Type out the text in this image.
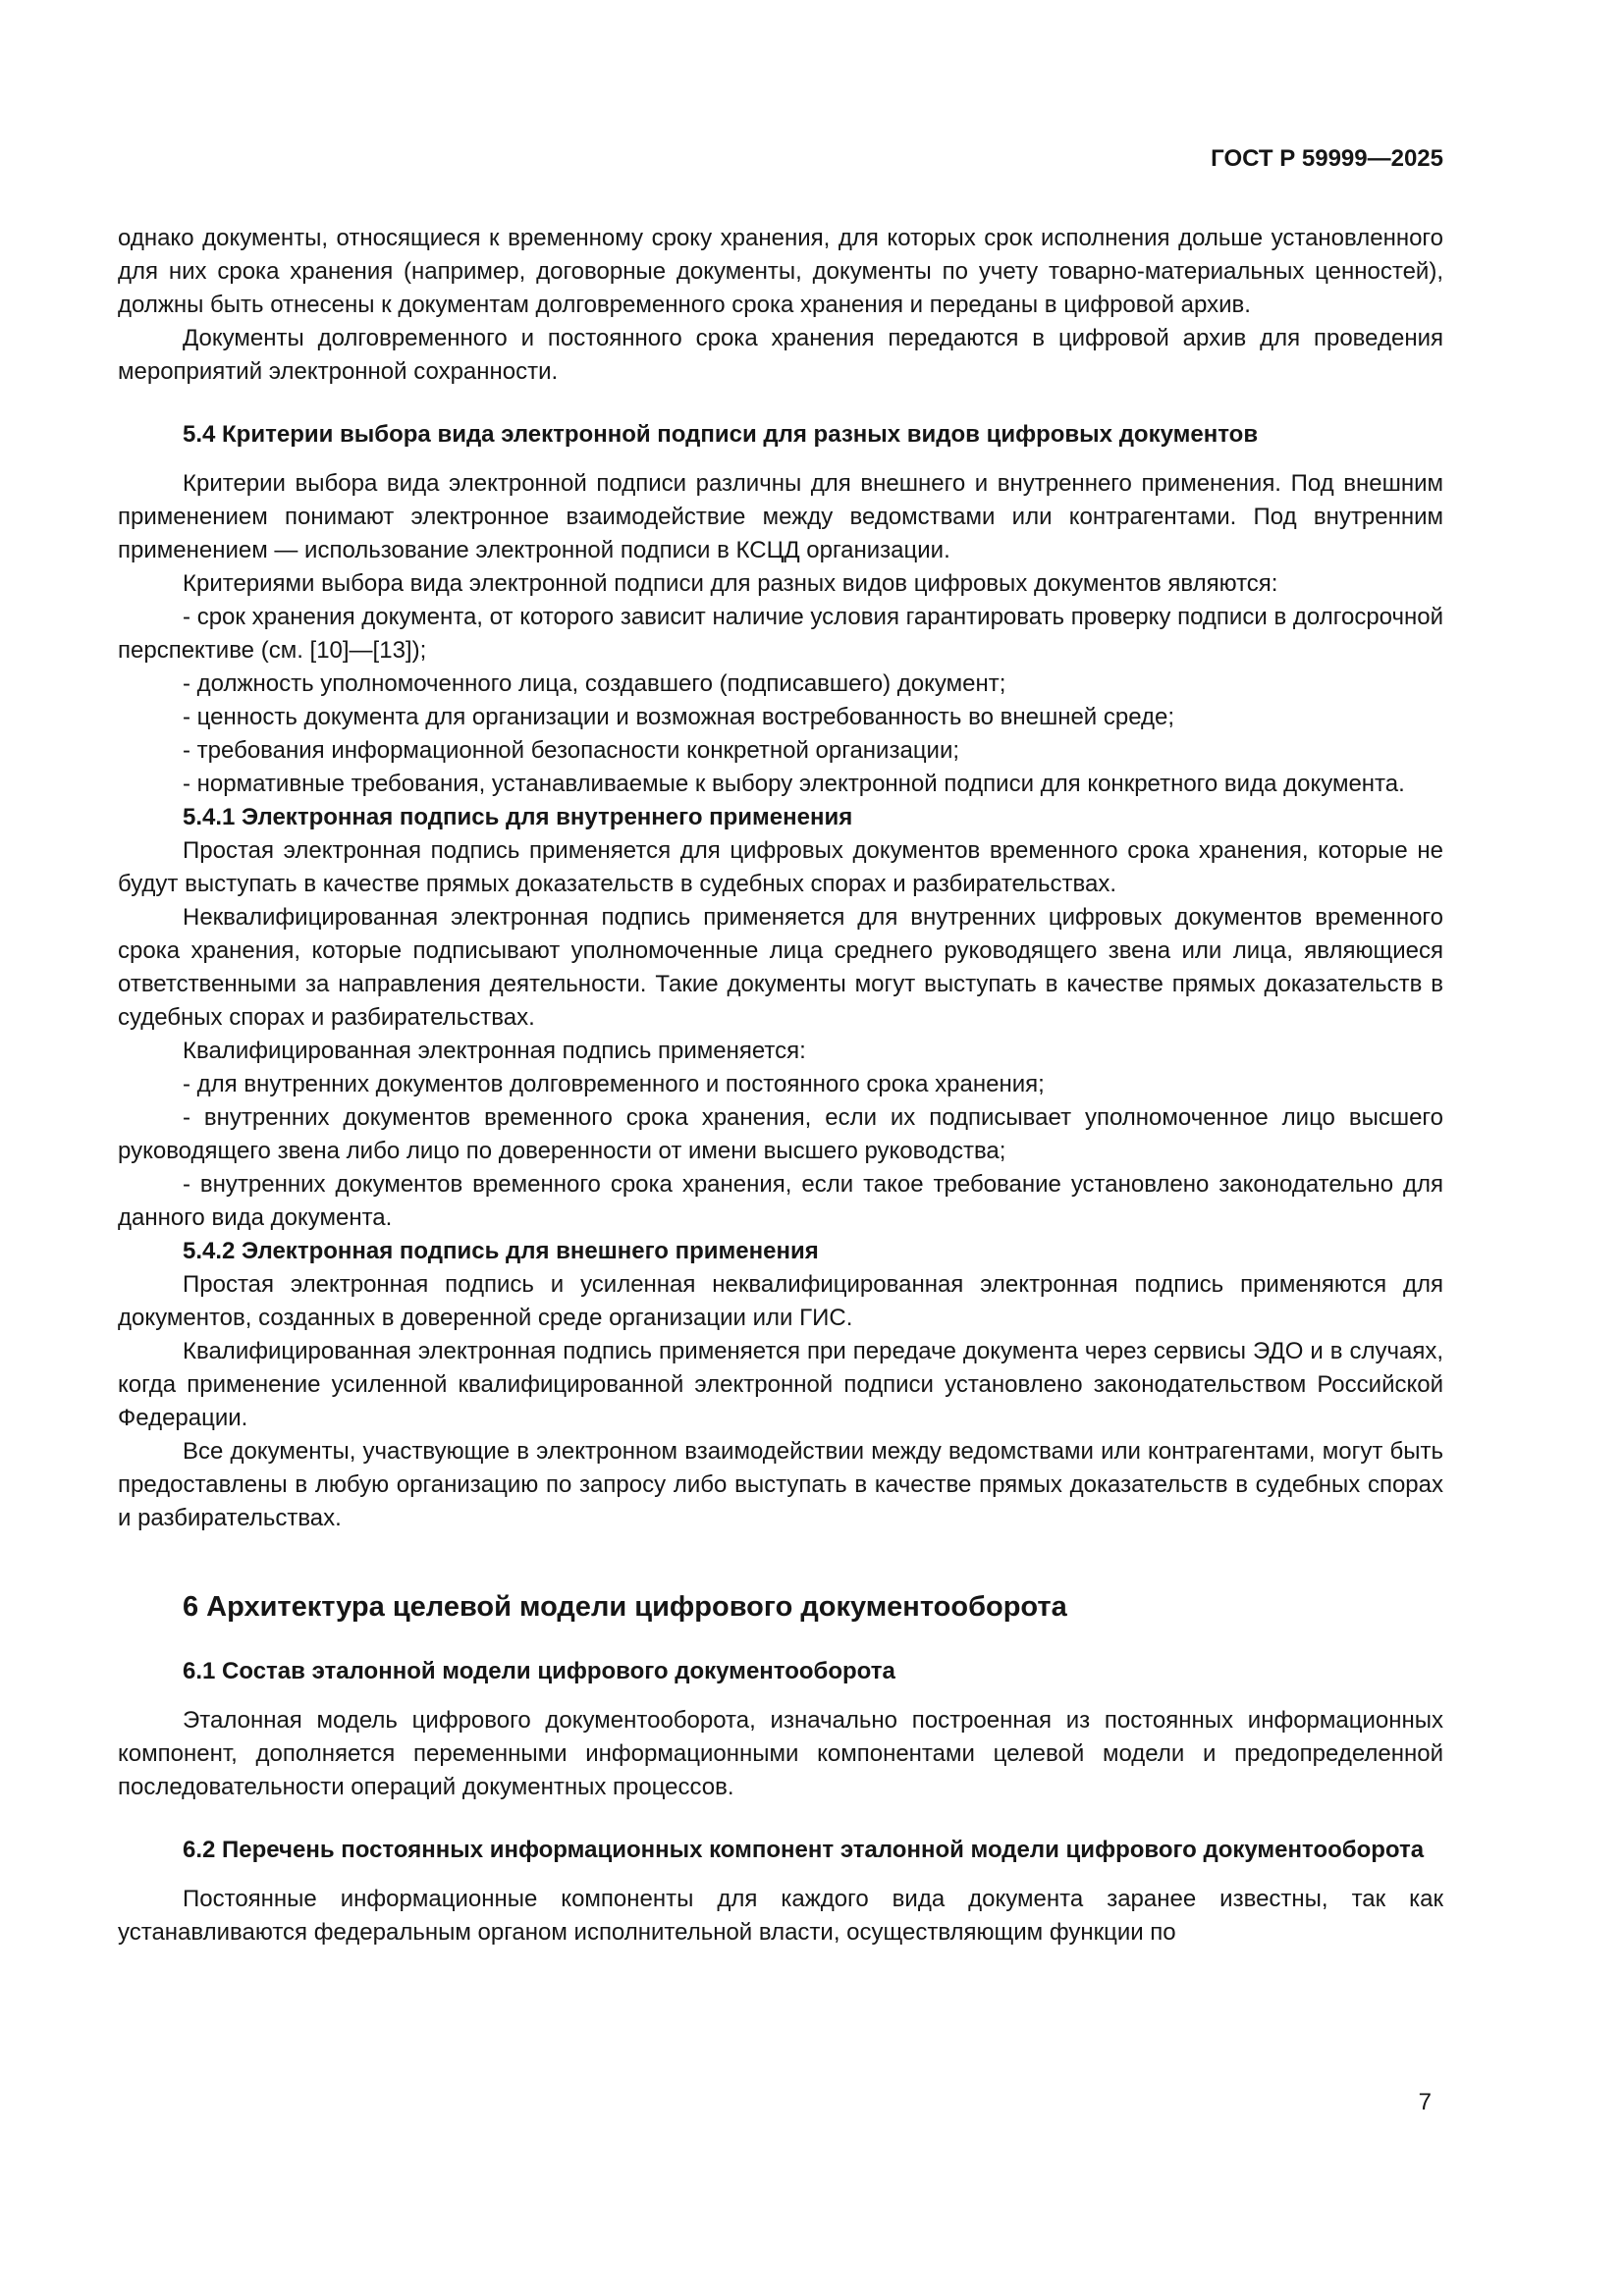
ГОСТ Р 59999—2025

однако документы, относящиеся к временному сроку хранения, для которых срок исполнения дольше установленного для них срока хранения (например, договорные документы, документы по учету товарно-материальных ценностей), должны быть отнесены к документам долговременного срока хранения и переданы в цифровой архив.

Документы долговременного и постоянного срока хранения передаются в цифровой архив для проведения мероприятий электронной сохранности.

5.4 Критерии выбора вида электронной подписи для разных видов цифровых документов

Критерии выбора вида электронной подписи различны для внешнего и внутреннего применения. Под внешним применением понимают электронное взаимодействие между ведомствами или контрагентами. Под внутренним применением — использование электронной подписи в КСЦД организации.

Критериями выбора вида электронной подписи для разных видов цифровых документов являются:

- срок хранения документа, от которого зависит наличие условия гарантировать проверку подписи в долгосрочной перспективе (см. [10]—[13]);

- должность уполномоченного лица, создавшего (подписавшего) документ;

- ценность документа для организации и возможная востребованность во внешней среде;

- требования информационной безопасности конкретной организации;

- нормативные требования, устанавливаемые к выбору электронной подписи для конкретного вида документа.

5.4.1 Электронная подпись для внутреннего применения

Простая электронная подпись применяется для цифровых документов временного срока хранения, которые не будут выступать в качестве прямых доказательств в судебных спорах и разбирательствах.

Неквалифицированная электронная подпись применяется для внутренних цифровых документов временного срока хранения, которые подписывают уполномоченные лица среднего руководящего звена или лица, являющиеся ответственными за направления деятельности. Такие документы могут выступать в качестве прямых доказательств в судебных спорах и разбирательствах.

Квалифицированная электронная подпись применяется:

- для внутренних документов долговременного и постоянного срока хранения;

- внутренних документов временного срока хранения, если их подписывает уполномоченное лицо высшего руководящего звена либо лицо по доверенности от имени высшего руководства;

- внутренних документов временного срока хранения, если такое требование установлено законодательно для данного вида документа.

5.4.2 Электронная подпись для внешнего применения

Простая электронная подпись и усиленная неквалифицированная электронная подпись применяются для документов, созданных в доверенной среде организации или ГИС.

Квалифицированная электронная подпись применяется при передаче документа через сервисы ЭДО и в случаях, когда применение усиленной квалифицированной электронной подписи установлено законодательством Российской Федерации.

Все документы, участвующие в электронном взаимодействии между ведомствами или контрагентами, могут быть предоставлены в любую организацию по запросу либо выступать в качестве прямых доказательств в судебных спорах и разбирательствах.

6 Архитектура целевой модели цифрового документооборота

6.1 Состав эталонной модели цифрового документооборота

Эталонная модель цифрового документооборота, изначально построенная из постоянных информационных компонент, дополняется переменными информационными компонентами целевой модели и предопределенной последовательности операций документных процессов.

6.2 Перечень постоянных информационных компонент эталонной модели цифрового документооборота

Постоянные информационные компоненты для каждого вида документа заранее известны, так как устанавливаются федеральным органом исполнительной власти, осуществляющим функции по

7
